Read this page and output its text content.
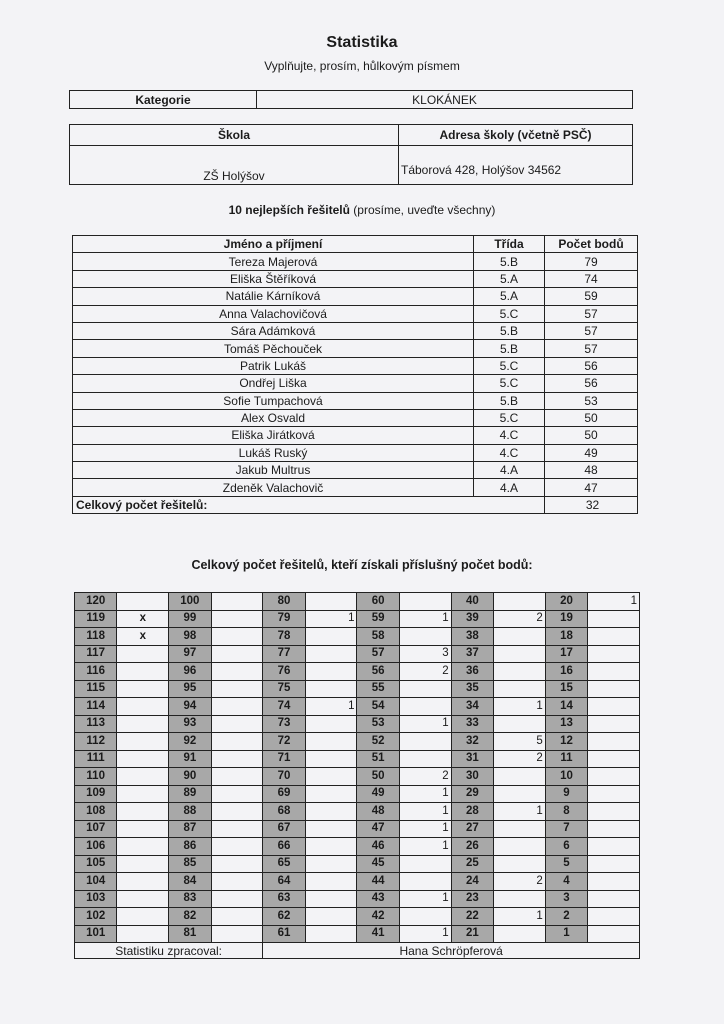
Statistika
Vyplňujte, prosím, hůlkovým písmem
Kategorie	KLOKÁNEK
Škola	Adresa školy (včetně PSČ)
ZŠ Holýšov	Táborová 428, Holýšov 34562
10 nejlepších řešitelů (prosíme, uveďte všechny)
Jméno a příjmení	Třída	Počet bodů
Tereza Majerová	5.B	79
Eliška Štěříková	5.A	74
Natálie Kárníková	5.A	59
Anna Valachovičová	5.C	57
Sára Adámková	5.B	57
Tomáš Pěchouček	5.B	57
Patrik Lukáš	5.C	56
Ondřej Liška	5.C	56
Sofie Tumpachová	5.B	53
Alex Osvald	5.C	50
Eliška Jirátková	4.C	50
Lukáš Ruský	4.C	49
Jakub Multrus	4.A	48
Zdeněk Valachovič	4.A	47
Celkový počet řešitelů:		32
Celkový počet řešitelů, kteří získali příslušný počet bodů:
120		100		80		60		40		20	1
119	x	99		79	1	59	1	39	2	19	
118	x	98		78		58		38		18	
117		97		77		57	3	37		17	
116		96		76		56	2	36		16	
115		95		75		55		35		15	
114		94		74	1	54		34	1	14	
113		93		73		53	1	33		13	
112		92		72		52		32	5	12	
111		91		71		51		31	2	11	
110		90		70		50	2	30		10	
109		89		69		49	1	29		9	
108		88		68		48	1	28	1	8	
107		87		67		47	1	27		7	
106		86		66		46	1	26		6	
105		85		65		45		25		5	
104		84		64		44		24	2	4	
103		83		63		43	1	23		3	
102		82		62		42		22	1	2	
101		81		61		41	1	21		1	
Statistiku zpracoval:				Hana Schröpferová							
